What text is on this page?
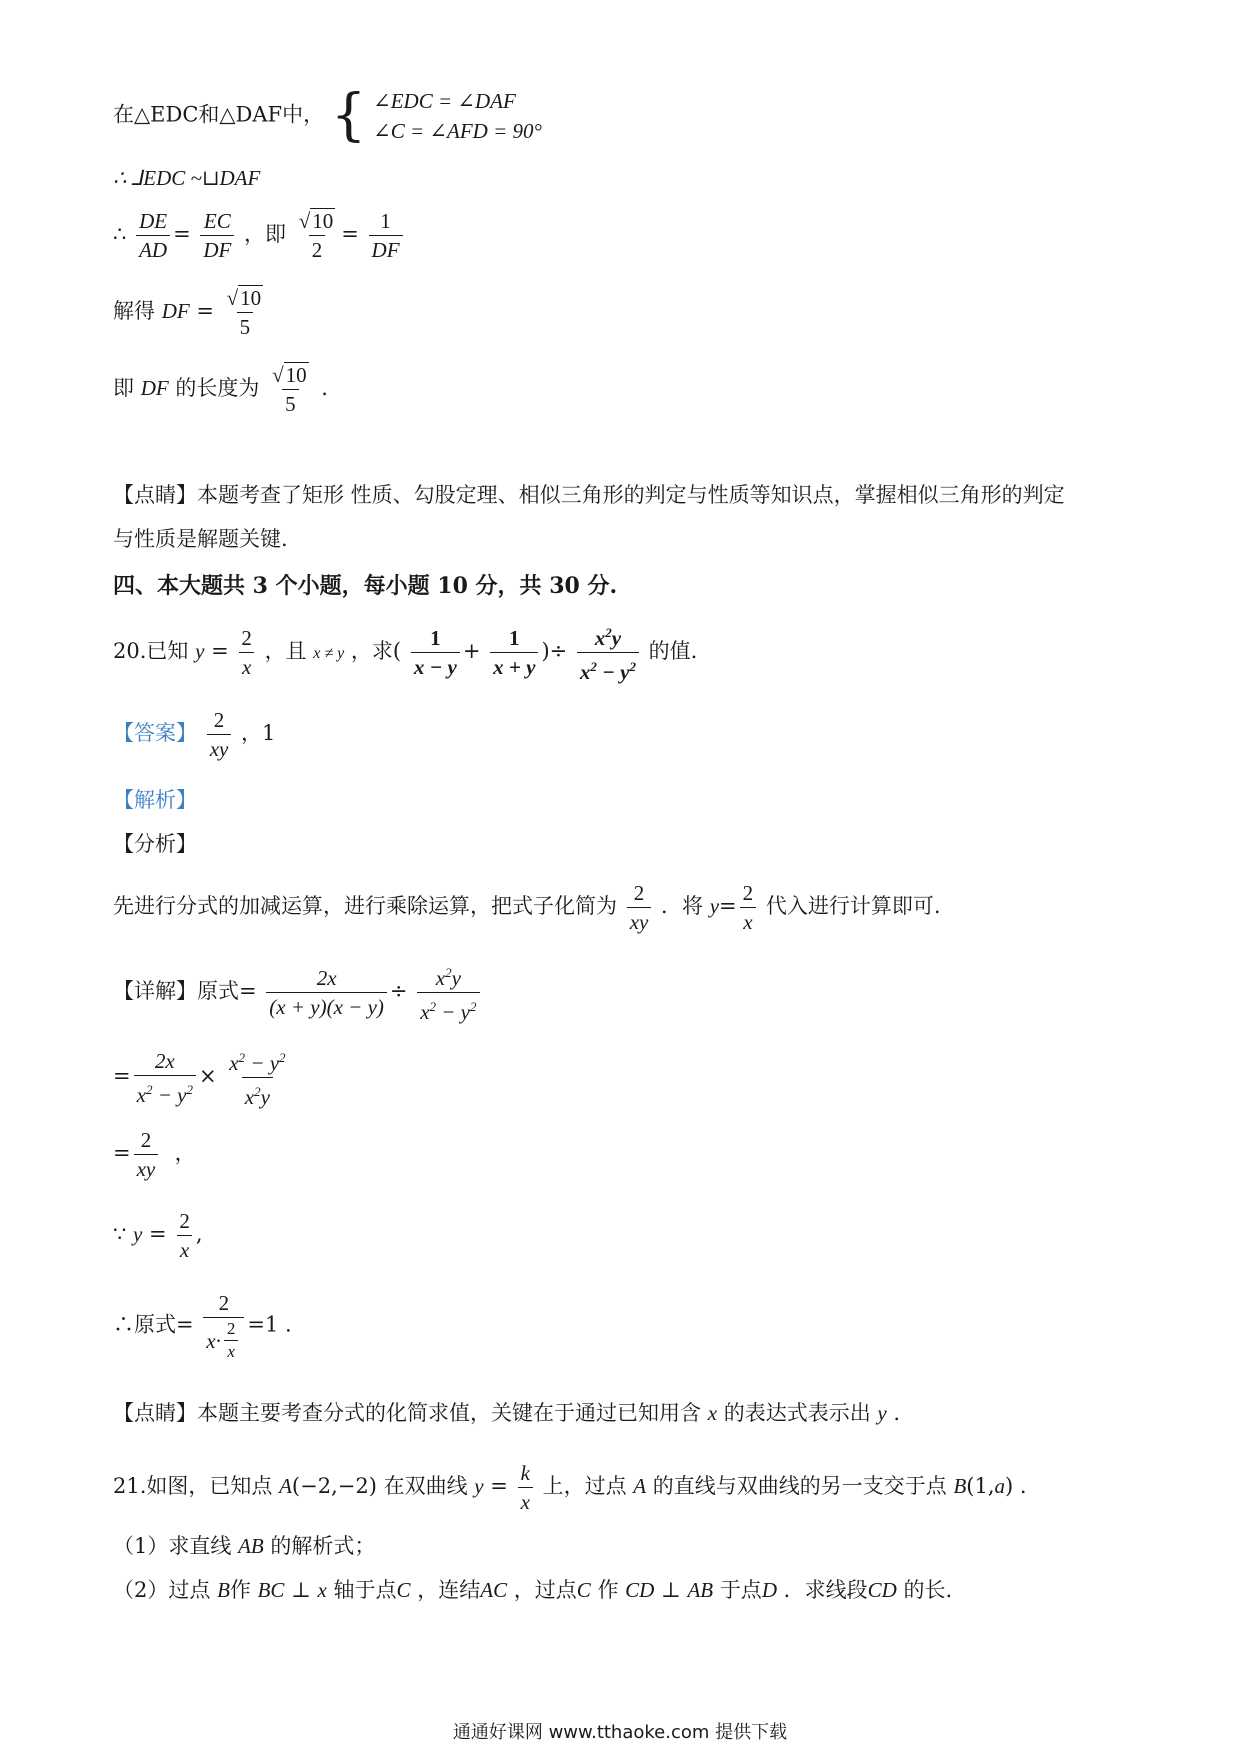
在△EDC和△DAF中， { ∠EDC = ∠DAF
∠C = ∠AFD = 90°
∴ ⅃EDC ~⊔DAF
∴ $\frac{DE}{AD} = \frac{EC}{DF}$ ，即 $\frac{√10}{2} = \frac{1}{DF}$
解得 DF = $\frac{√10}{5}$
即 DF 的长度为 $\frac{√10}{5}$ .
【点睛】本题考查了矩形 性质、勾股定理、相似三角形的判定与性质等知识点，掌握相似三角形的判定
与性质是解题关键.
四、本大题共 3 个小题，每小题 10 分，共 30 分.
20.已知 $y = \frac{2}{x}$ ，且 x ≠ y ，求( $\frac{1}{x - y} + \frac{1}{x + y}$ )÷ $\frac{x^2y}{x^2 - y^2}$ 的值.
【答案】 $\frac{2}{xy}$ ，1
【解析】
【分析】
先进行分式的加减运算，进行乘除运算，把式子化简为 $\frac{2}{xy}$ ．将 $y= \frac{2}{x}$ 代入进行计算即可.
【详解】原式= $\frac{2x}{(x + y)(x - y)} \div \frac{x^2y}{x^2 - y^2}$
= $\frac{2x}{x^2 - y^2} \times \frac{x^2 - y^2}{x^2y}$
= $\frac{2}{xy}$ ，
∵ $y = \frac{2}{x}$ ,
∴原式= $\frac{2}{x\cdot \frac{2}{x}} =1$ .
【点睛】本题主要考查分式的化简求值，关键在于通过已知用含 x 的表达式表示出 y .
21.如图，已知点 A(−2,−2) 在双曲线 $y = \frac{k}{x}$ 上，过点 A 的直线与双曲线的另一支交于点 B(1,a) .
（1）求直线 AB 的解析式；
（2）过点 B作 BC ⊥ x 轴于点C ，连结AC ，过点C 作 CD ⊥ AB 于点D ．求线段CD 的长.
通通好课网 www.tthaoke.com 提供下载
